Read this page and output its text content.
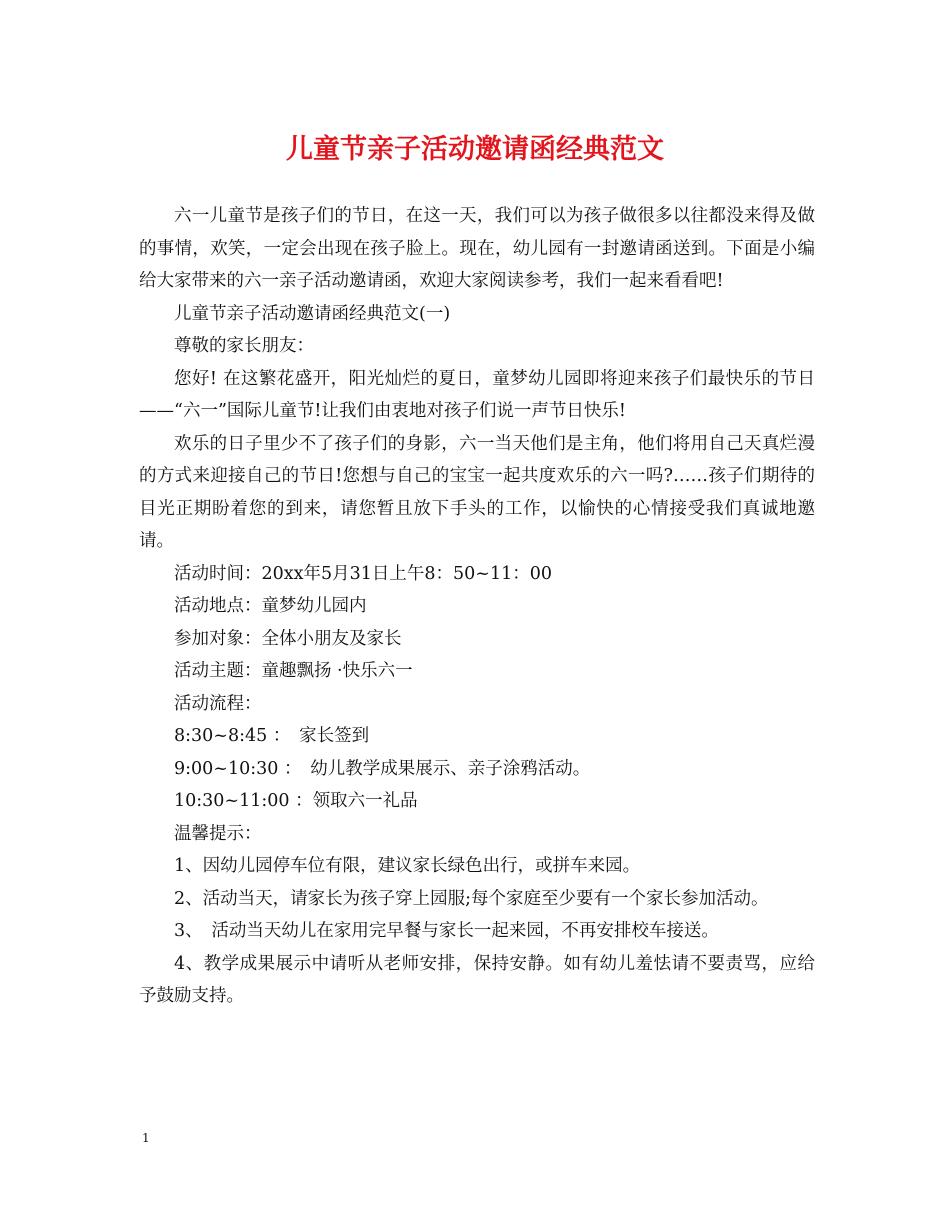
儿童节亲子活动邀请函经典范文

六一儿童节是孩子们的节日，在这一天，我们可以为孩子做很多以往都没来得及做的事情，欢笑，一定会出现在孩子脸上。现在，幼儿园有一封邀请函送到。下面是小编给大家带来的六一亲子活动邀请函，欢迎大家阅读参考，我们一起来看看吧!

儿童节亲子活动邀请函经典范文(一)

尊敬的家长朋友：

您好! 在这繁花盛开，阳光灿烂的夏日，童梦幼儿园即将迎来孩子们最快乐的节日——“六一”国际儿童节!让我们由衷地对孩子们说一声节日快乐!

欢乐的日子里少不了孩子们的身影，六一当天他们是主角，他们将用自己天真烂漫的方式来迎接自己的节日!您想与自己的宝宝一起共度欢乐的六一吗?……孩子们期待的目光正期盼着您的到来，请您暂且放下手头的工作，以愉快的心情接受我们真诚地邀请。

活动时间：20xx年5月31日上午8：50~11：00

活动地点：童梦幼儿园内

参加对象：全体小朋友及家长

活动主题：童趣飘扬 ·快乐六一

活动流程：

8:30~8:45 ：　家长签到

9:00~10:30 ：　幼儿教学成果展示、亲子涂鸦活动。

10:30~11:00 ：领取六一礼品

温馨提示：

1、因幼儿园停车位有限，建议家长绿色出行，或拼车来园。

2、活动当天，请家长为孩子穿上园服;每个家庭至少要有一个家长参加活动。

3、　活动当天幼儿在家用完早餐与家长一起来园，不再安排校车接送。

4、教学成果展示中请听从老师安排，保持安静。如有幼儿羞怯请不要责骂，应给予鼓励支持。

1
